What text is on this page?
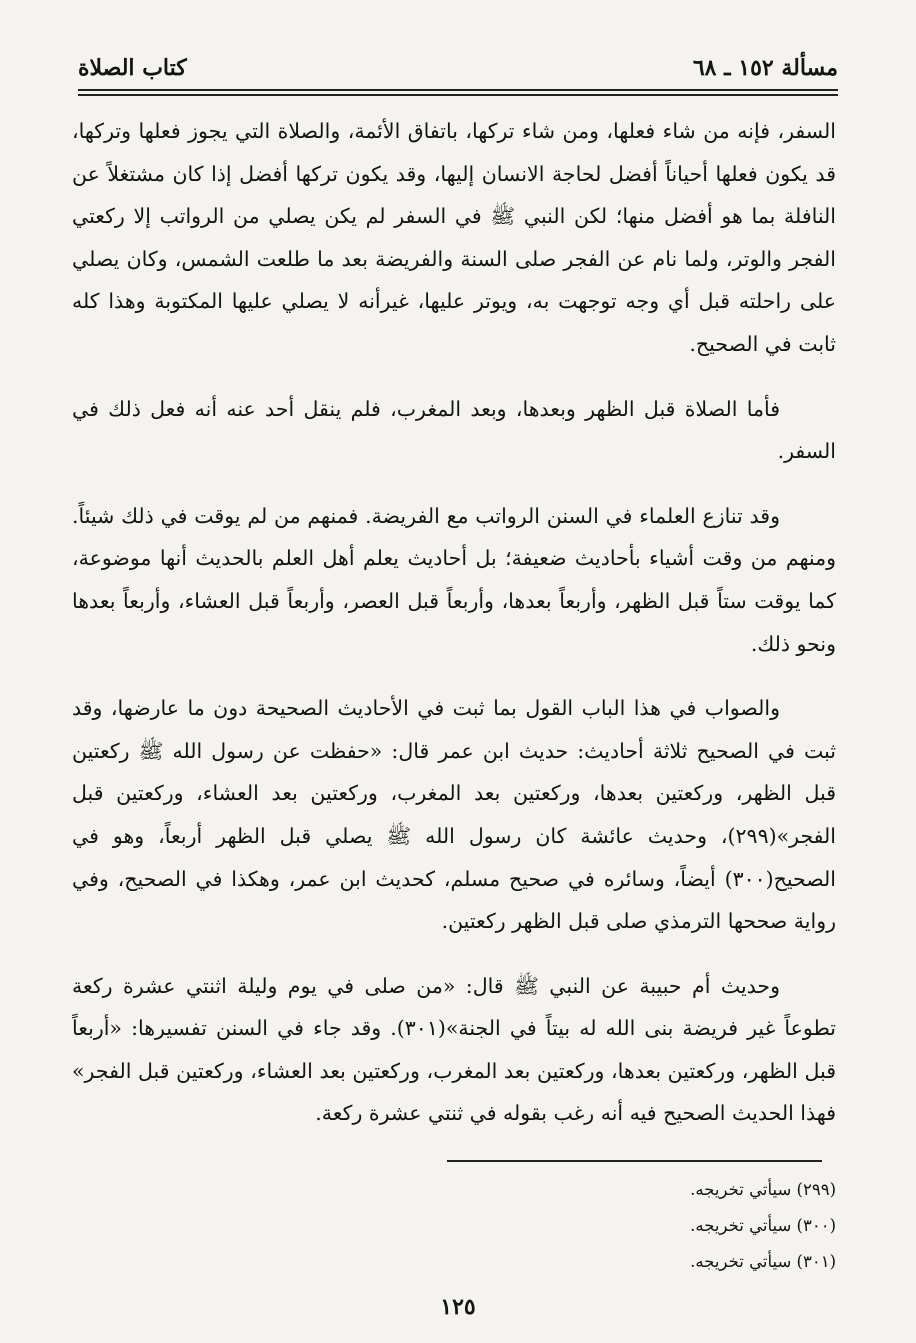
مسألة ١٥٢ ـ ٦٨
كتاب الصلاة

السفر، فإنه من شاء فعلها، ومن شاء تركها، باتفاق الأئمة، والصلاة التي يجوز فعلها وتركها، قد يكون فعلها أحياناً أفضل لحاجة الانسان إليها، وقد يكون تركها أفضل إذا كان مشتغلاً عن النافلة بما هو أفضل منها؛ لكن النبي ﷺ في السفر لم يكن يصلي من الرواتب إلا ركعتي الفجر والوتر، ولما نام عن الفجر صلى السنة والفريضة بعد ما طلعت الشمس، وكان يصلي على راحلته قبل أي وجه توجهت به، ويوتر عليها، غيرأنه لا يصلي عليها المكتوبة وهذا كله ثابت في الصحيح.

فأما الصلاة قبل الظهر وبعدها، وبعد المغرب، فلم ينقل أحد عنه أنه فعل ذلك في السفر.

وقد تنازع العلماء في السنن الرواتب مع الفريضة. فمنهم من لم يوقت في ذلك شيئاً. ومنهم من وقت أشياء بأحاديث ضعيفة؛ بل أحاديث يعلم أهل العلم بالحديث أنها موضوعة، كما يوقت ستاً قبل الظهر، وأربعاً بعدها، وأربعاً قبل العصر، وأربعاً قبل العشاء، وأربعاً بعدها ونحو ذلك.

والصواب في هذا الباب القول بما ثبت في الأحاديث الصحيحة دون ما عارضها، وقد ثبت في الصحيح ثلاثة أحاديث: حديث ابن عمر قال: «حفظت عن رسول الله ﷺ ركعتين قبل الظهر، وركعتين بعدها، وركعتين بعد المغرب، وركعتين بعد العشاء، وركعتين قبل الفجر»(٢٩٩)، وحديث عائشة كان رسول الله ﷺ يصلي قبل الظهر أربعاً، وهو في الصحيح(٣٠٠) أيضاً، وسائره في صحيح مسلم، كحديث ابن عمر، وهكذا في الصحيح، وفي رواية صححها الترمذي صلى قبل الظهر ركعتين.

وحديث أم حبيبة عن النبي ﷺ قال: «من صلى في يوم وليلة اثنتي عشرة ركعة تطوعاً غير فريضة بنى الله له بيتاً في الجنة»(٣٠١). وقد جاء في السنن تفسيرها: «أربعاً قبل الظهر، وركعتين بعدها، وركعتين بعد المغرب، وركعتين بعد العشاء، وركعتين قبل الفجر» فهذا الحديث الصحيح فيه أنه رغب بقوله في ثنتي عشرة ركعة.

(٢٩٩) سيأتي تخريجه.
(٣٠٠) سيأتي تخريجه.
(٣٠١) سيأتي تخريجه.
١٢٥
